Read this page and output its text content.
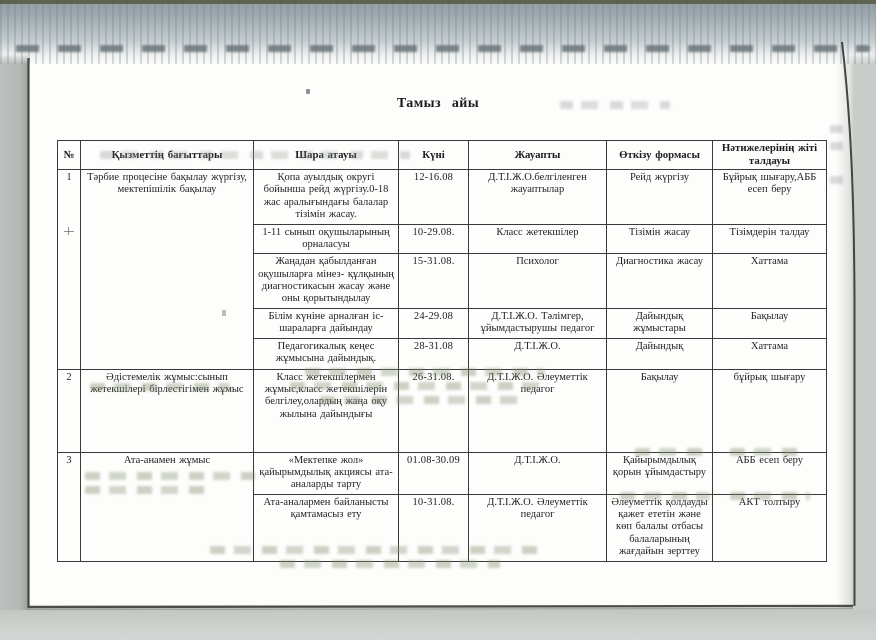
Тамыз айы
№	Қызметтің бағыттары	Шара атауы	Күні	Жауапты	Өткізу формасы	Нәтижелерінің жіті талдауы
1	Тәрбие процесіне бақылау жүргізу, мектепішілік бақылау	Қопа ауылдық округі бойынша рейд жүргізу.0-18 жас аралығындағы балалар тізімін жасау.	12-16.08	Д.Т.І.Ж.О.белгіленген жауаптылар	Рейд жүргізу	Бұйрық шығару,АББ есеп беру
		1-11 сынып оқушыларының орналасуы	10-29.08.	Класс жетекшілер	Тізімін жасау	Тізімдерін талдау
		Жаңадан қабылданған оқушыларға мінез- құлқының диагностикасын жасау және оны қорытындылау	15-31.08.	Психолог	Диагностика жасау	Хаттама
		Білім күніне арналған іс-шараларға дайындау	24-29.08	Д.Т.І.Ж.О. Тәлімгер, ұйымдастырушы педагог	Дайындық жұмыстары	Бақылау
		Педагогикалық кеңес жұмысына дайындық.	28-31.08	Д.Т.І.Ж.О.	Дайындық	Хаттама
2	Әдістемелік жұмыс:сынып жетекшілері бірлестігімен жұмыс	Класс жетекшілермен жұмыс,класс жетекшілерін белгілеу,олардың жаңа оқу жылына дайындығы	26-31.08.	Д.Т.І.Ж.О. Әлеуметтік педагог	Бақылау	бұйрық шығару
3	Ата-анамен жұмыс	«Мектепке жол» қайырымдылық акциясы ата-аналарды тарту	01.08-30.09	Д.Т.І.Ж.О.	Қайырымдылық қорын ұйымдастыру	АББ есеп беру
		Ата-аналармен байланысты қамтамасыз ету	10-31.08.	Д.Т.І.Ж.О. Әлеуметтік педагог	Әлеуметтік қолдауды қажет ететін және көп балалы отбасы балаларының жағдайын зерттеу	АКТ толтыру
